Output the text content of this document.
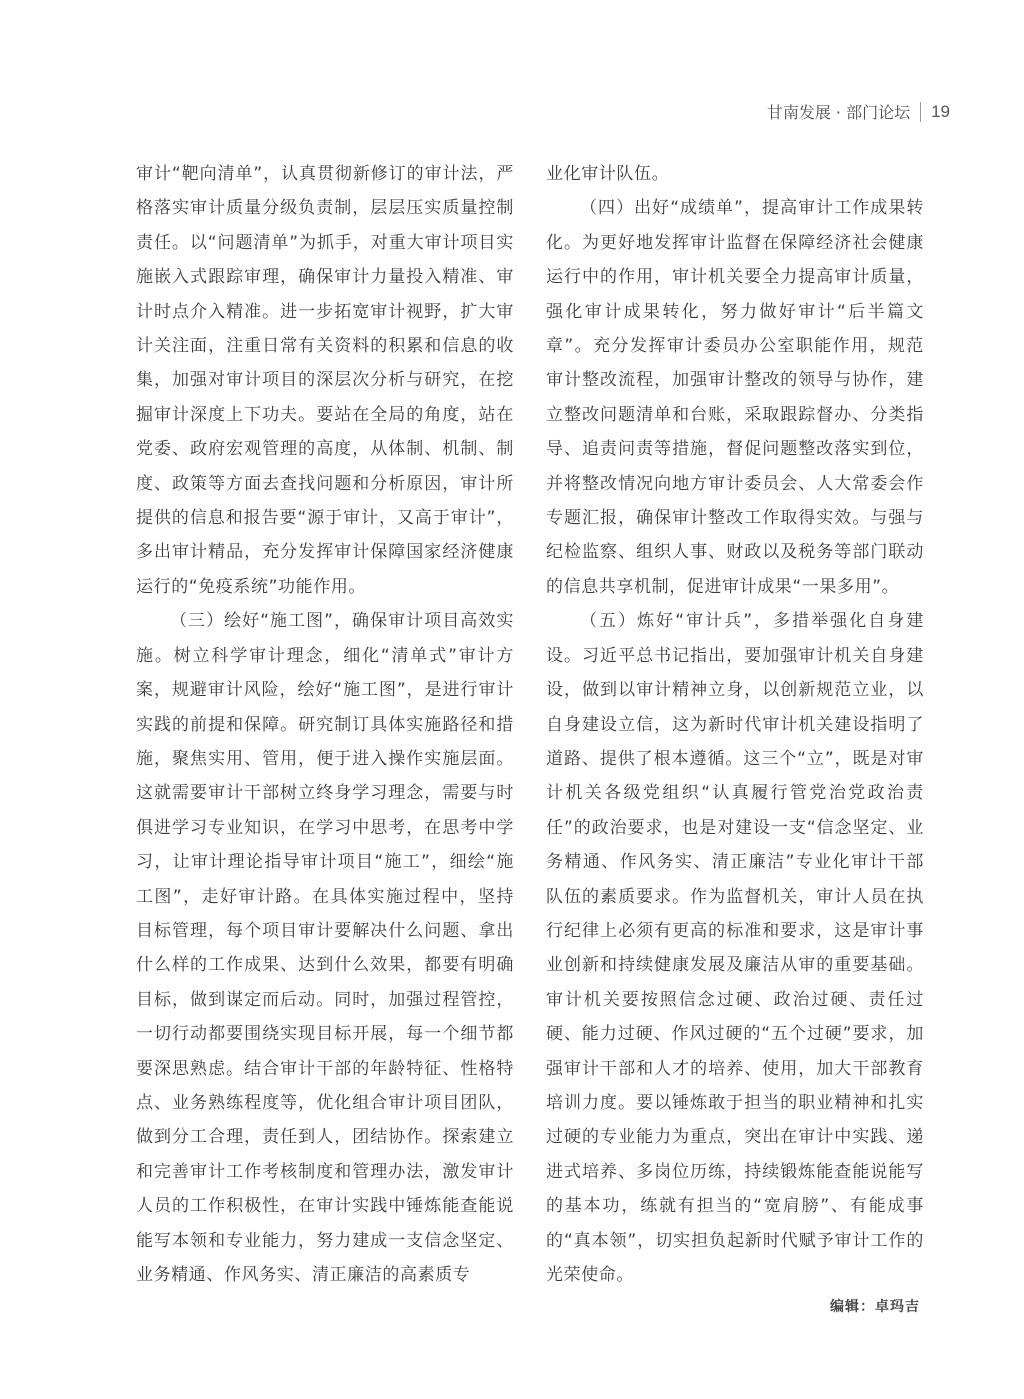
甘南发展 · 部门论坛 19

审计“靶向清单”，认真贯彻新修订的审计法，严格落实审计质量分级负责制，层层压实质量控制责任。以“问题清单”为抓手，对重大审计项目实施嵌入式跟踪审理，确保审计力量投入精准、审计时点介入精准。进一步拓宽审计视野，扩大审计关注面，注重日常有关资料的积累和信息的收集，加强对审计项目的深层次分析与研究，在挖掘审计深度上下功夫。要站在全局的角度，站在党委、政府宏观管理的高度，从体制、机制、制度、政策等方面去查找问题和分析原因，审计所提供的信息和报告要“源于审计，又高于审计”，多出审计精品，充分发挥审计保障国家经济健康运行的“免疫系统”功能作用。

（三）绘好“施工图”，确保审计项目高效实施。树立科学审计理念，细化“清单式”审计方案，规避审计风险，绘好“施工图”，是进行审计实践的前提和保障。研究制订具体实施路径和措施，聚焦实用、管用，便于进入操作实施层面。这就需要审计干部树立终身学习理念，需要与时俱进学习专业知识，在学习中思考，在思考中学习，让审计理论指导审计项目“施工”，细绘“施工图”，走好审计路。在具体实施过程中，坚持目标管理，每个项目审计要解决什么问题、拿出什么样的工作成果、达到什么效果，都要有明确目标，做到谋定而后动。同时，加强过程管控，一切行动都要围绕实现目标开展，每一个细节都要深思熟虑。结合审计干部的年龄特征、性格特点、业务熟练程度等，优化组合审计项目团队，做到分工合理，责任到人，团结协作。探索建立和完善审计工作考核制度和管理办法，激发审计人员的工作积极性，在审计实践中锤炼能查能说能写本领和专业能力，努力建成一支信念坚定、业务精通、作风务实、清正廉洁的高素质专

业化审计队伍。

（四）出好“成绩单”，提高审计工作成果转化。为更好地发挥审计监督在保障经济社会健康运行中的作用，审计机关要全力提高审计质量，强化审计成果转化，努力做好审计“后半篇文章”。充分发挥审计委员办公室职能作用，规范审计整改流程，加强审计整改的领导与协作，建立整改问题清单和台账，采取跟踪督办、分类指导、追责问责等措施，督促问题整改落实到位，并将整改情况向地方审计委员会、人大常委会作专题汇报，确保审计整改工作取得实效。与强与纪检监察、组织人事、财政以及税务等部门联动的信息共享机制，促进审计成果“一果多用”。

（五）炼好“审计兵”，多措举强化自身建设。习近平总书记指出，要加强审计机关自身建设，做到以审计精神立身，以创新规范立业，以自身建设立信，这为新时代审计机关建设指明了道路、提供了根本遵循。这三个“立”，既是对审计机关各级党组织“认真履行管党治党政治责任”的政治要求，也是对建设一支“信念坚定、业务精通、作风务实、清正廉洁”专业化审计干部队伍的素质要求。作为监督机关，审计人员在执行纪律上必须有更高的标准和要求，这是审计事业创新和持续健康发展及廉洁从审的重要基础。审计机关要按照信念过硬、政治过硬、责任过硬、能力过硬、作风过硬的“五个过硬”要求，加强审计干部和人才的培养、使用，加大干部教育培训力度。要以锤炼敢于担当的职业精神和扎实过硬的专业能力为重点，突出在审计中实践、递进式培养、多岗位历练，持续锻炼能查能说能写的基本功，练就有担当的“宽肩膀”、有能成事的“真本领”，切实担负起新时代赋予审计工作的光荣使命。

编辑：卓玛吉
